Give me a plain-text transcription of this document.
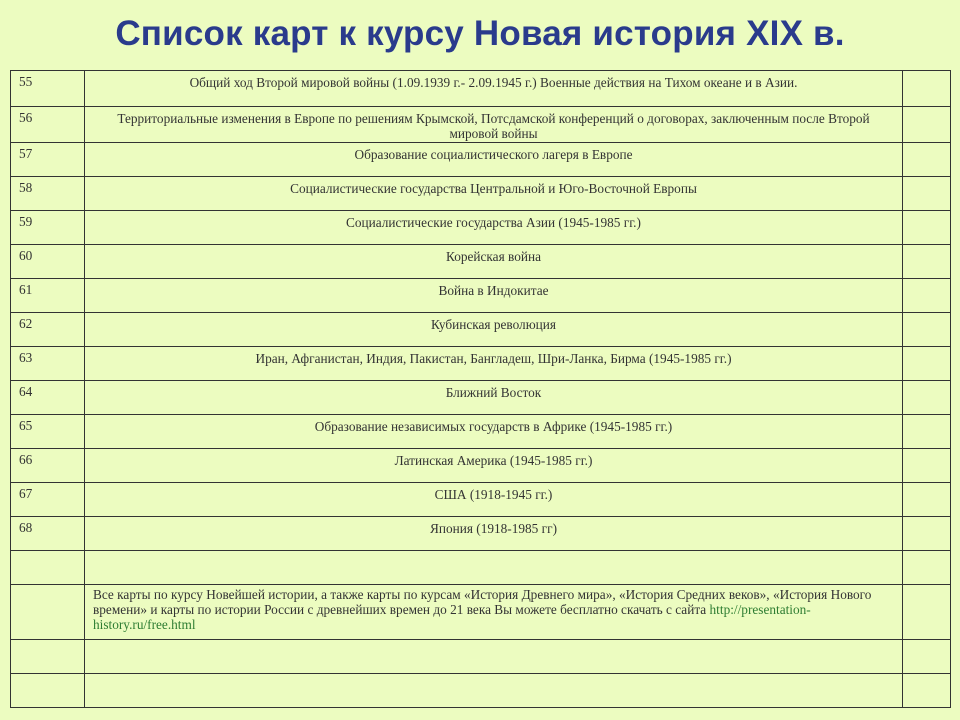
Список карт к курсу Новая история XIX в.
55	Общий ход Второй мировой войны (1.09.1939 г.- 2.09.1945 г.) Военные действия на Тихом океане и в Азии.	
56	Территориальные изменения в Европе по решениям Крымской, Потсдамской конференций о договорах, заключенным после Второй мировой войны	
57	Образование социалистического лагеря в Европе	
58	Социалистические государства Центральной и Юго-Восточной Европы	
59	Социалистические государства Азии (1945-1985 гг.)	
60	Корейская война	
61	Война в Индокитае	
62	Кубинская революция	
63	Иран, Афганистан, Индия, Пакистан, Бангладеш, Шри-Ланка, Бирма (1945-1985 гг.)	
64	Ближний Восток	
65	Образование независимых государств в Африке (1945-1985 гг.)	
66	Латинская Америка (1945-1985 гг.)	
67	США (1918-1945 гг.)	
68	Япония (1918-1985 гг)	

	Все карты по курсу Новейшей истории, а также карты по курсам «История Древнего мира», «История Средних веков», «История Нового времени» и карты по истории России с древнейших времен до 21 века Вы можете бесплатно скачать с сайта http://presentation-history.ru/free.html	
